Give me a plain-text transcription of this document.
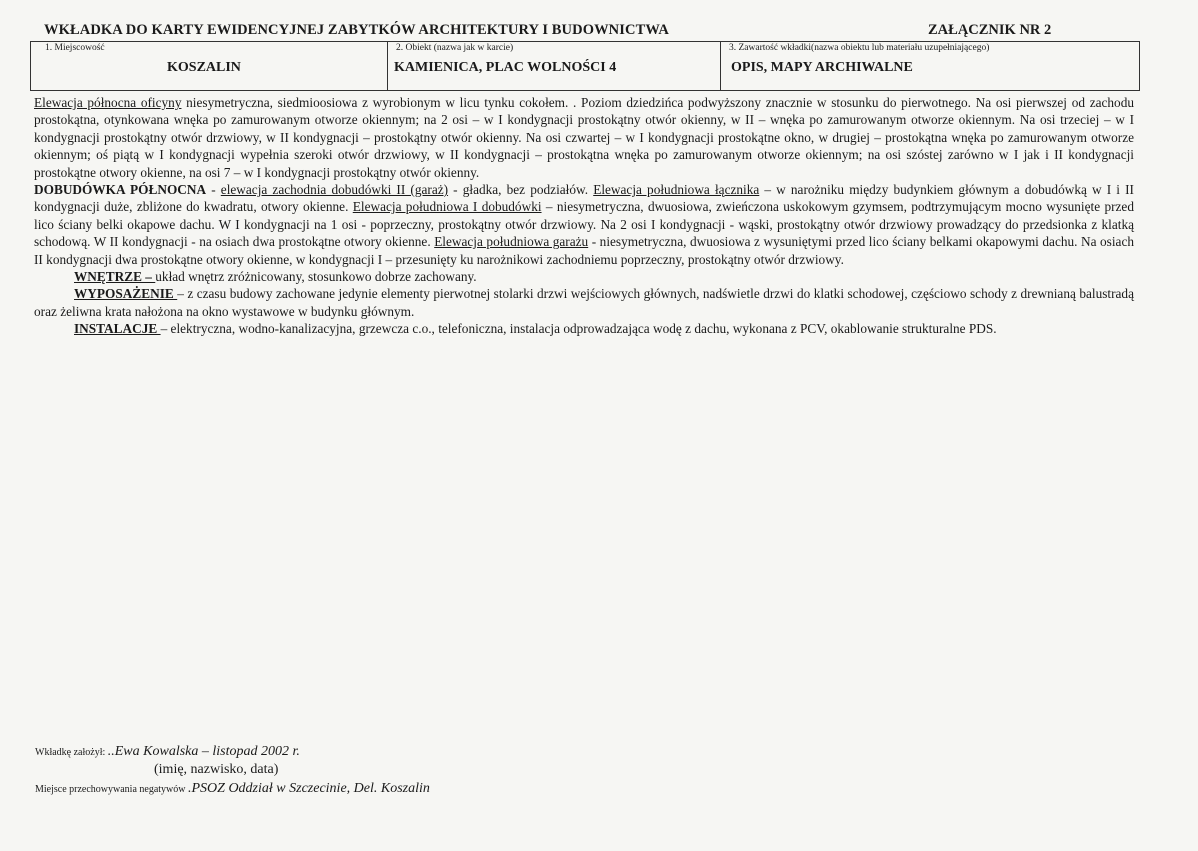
WKŁADKA DO KARTY EWIDENCYJNEJ ZABYTKÓW ARCHITEKTURY I BUDOWNICTWA	ZAŁĄCZNIK NR 2
1. Miejscowość
KOSZALIN
2. Obiekt (nazwa jak w karcie)
KAMIENICA, PLAC WOLNOŚCI 4
3. Zawartość wkładki(nazwa obiektu lub materiału uzupełniającego)
OPIS, MAPY ARCHIWALNE

Elewacja północna oficyny niesymetryczna, siedmioosiowa z wyrobionym w licu tynku cokołem. . Poziom dziedzińca podwyższony znacznie w stosunku do pierwotnego. Na osi pierwszej od zachodu prostokątna, otynkowana wnęka po zamurowanym otworze okiennym; na 2 osi – w I kondygnacji prostokątny otwór okienny, w II – wnęka po zamurowanym otworze okiennym. Na osi trzeciej – w I kondygnacji prostokątny otwór drzwiowy, w II kondygnacji – prostokątny otwór okienny. Na osi czwartej – w I kondygnacji prostokątne okno, w drugiej – prostokątna wnęka po zamurowanym otworze okiennym; oś piątą w I kondygnacji wypełnia szeroki otwór drzwiowy, w II kondygnacji – prostokątna wnęka po zamurowanym otworze okiennym; na osi szóstej zarówno w I jak i II kondygnacji prostokątne otwory okienne, na osi 7 – w I kondygnacji prostokątny otwór okienny.

DOBUDÓWKA PÓŁNOCNA - elewacja zachodnia dobudówki II (garaż) - gładka, bez podziałów. Elewacja południowa łącznika – w narożniku między budynkiem głównym a dobudówką w I i II kondygnacji duże, zbliżone do kwadratu, otwory okienne. Elewacja południowa I dobudówki – niesymetryczna, dwuosiowa, zwieńczona uskokowym gzymsem, podtrzymującym mocno wysunięte przed lico ściany belki okapowe dachu. W I kondygnacji na 1 osi - poprzeczny, prostokątny otwór drzwiowy. Na 2 osi I kondygnacji - wąski, prostokątny otwór drzwiowy prowadzący do przedsionka z klatką schodową. W II kondygnacji - na osiach dwa prostokątne otwory okienne. Elewacja południowa garażu - niesymetryczna, dwuosiowa z wysuniętymi przed lico ściany belkami okapowymi dachu. Na osiach II kondygnacji dwa prostokątne otwory okienne, w kondygnacji I – przesunięty ku narożnikowi zachodniemu poprzeczny, prostokątny otwór drzwiowy.

WNĘTRZE – układ wnętrz zróżnicowany, stosunkowo dobrze zachowany.

WYPOSAŻENIE – z czasu budowy zachowane jedynie elementy pierwotnej stolarki drzwi wejściowych głównych, nadświetle drzwi do klatki schodowej, częściowo schody z drewnianą balustradą oraz żeliwna krata nałożona na okno wystawowe w budynku głównym.

INSTALACJE – elektryczna, wodno-kanalizacyjna, grzewcza c.o., telefoniczna, instalacja odprowadzająca wodę z dachu, wykonana z PCV, okablowanie strukturalne PDS.

Wkładkę założył: ..Ewa Kowalska – listopad 2002 r.
(imię, nazwisko, data)
Miejsce przechowywania negatywów .PSOZ Oddział w Szczecinie, Del. Koszalin
